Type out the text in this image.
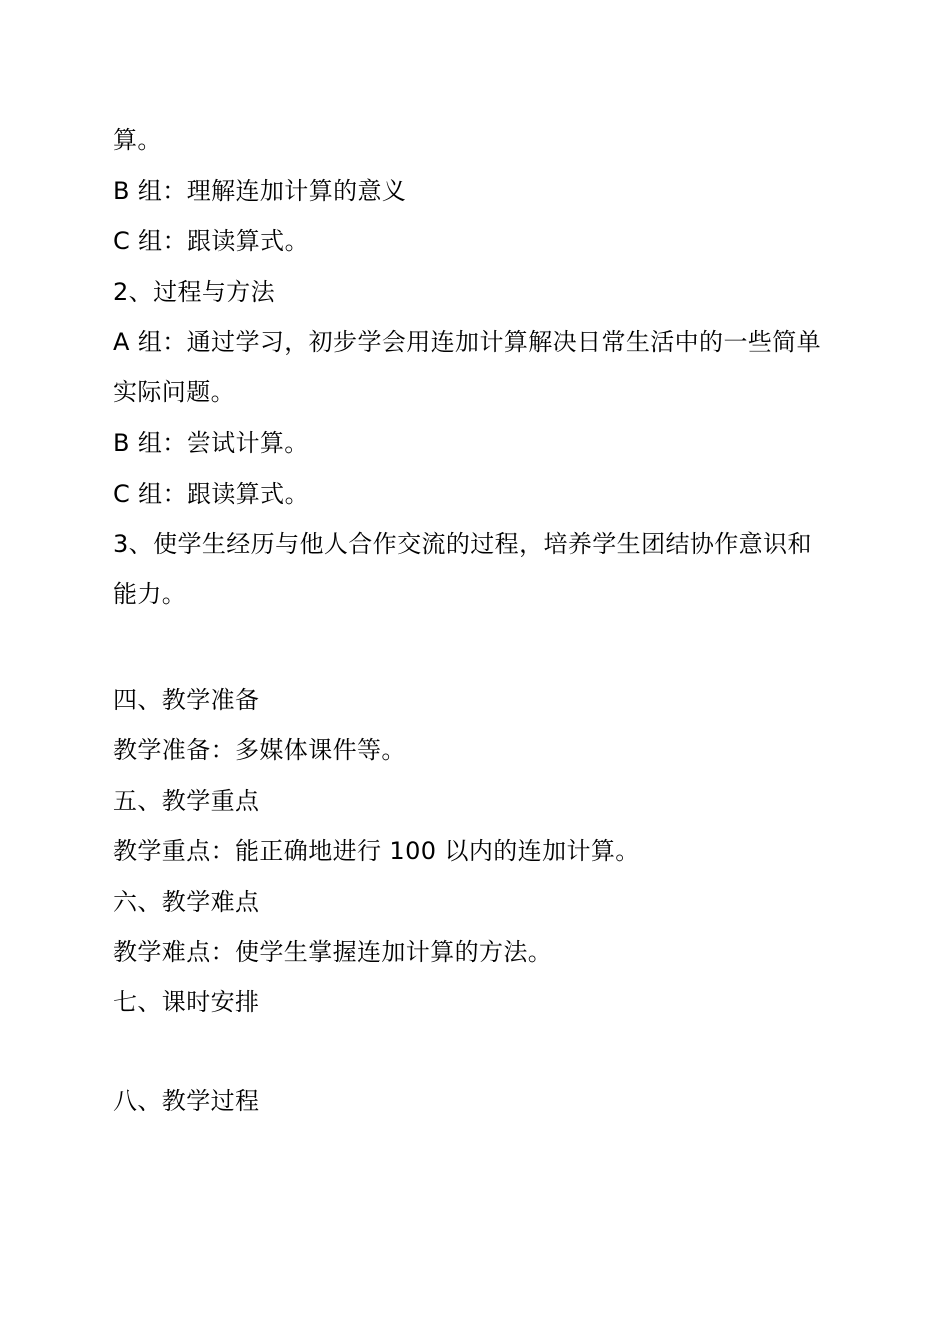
算。
B 组：理解连加计算的意义
C 组：跟读算式。
2、过程与方法
A 组：通过学习，初步学会用连加计算解决日常生活中的一些简单
实际问题。
B 组：尝试计算。
C 组：跟读算式。
3、使学生经历与他人合作交流的过程，培养学生团结协作意识和
能力。
四、教学准备
教学准备：多媒体课件等。
五、教学重点
教学重点：能正确地进行 100 以内的连加计算。
六、教学难点
教学难点：使学生掌握连加计算的方法。
七、课时安排
八、教学过程
